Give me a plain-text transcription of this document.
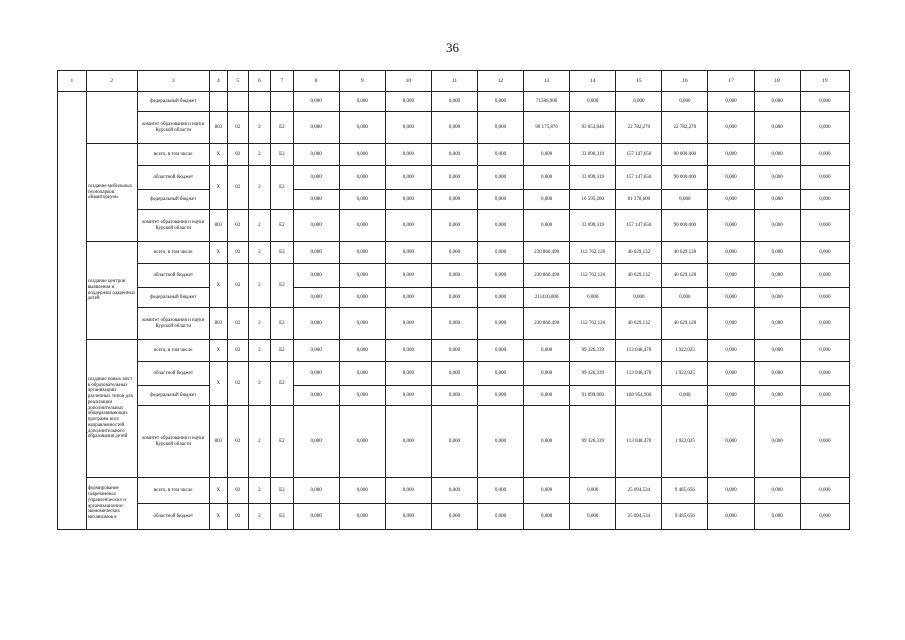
36
1	2	3	4	5	6	7	8	9	10	11	12	13	14	15	16	17	18	19
		федеральный бюджет					0,000	0,000	0,000	0,000	0,000	71586,900	0,000	0,000	0,000	0,000	0,000	0,000
		комитет образования и науки Курской области	803	02	2	E2	0,000	0,000	0,000	0,000	0,000	90 175,876	93 053,846	22 782,270	22 782,270	0,000	0,000	0,000
	создание мобильных технопарков «Кванториум»	всего, в том числе	Х	02	2	E2	0,000	0,000	0,000	0,000	0,000	0,000	33 090,319	157 147,656	90 000,000	0,000	0,000	0,000
		областной бюджет	Х	02	2	E2	0,000	0,000	0,000	0,000	0,000	0,000	33 090,319	157 147,656	90 000,000	0,000	0,000	0,000
		федеральный бюджет					0,000	0,000	0,000	0,000	0,000	0,000	16 595,200	81 378,600	0,000	0,000	0,000	0,000
		комитет образования и науки Курской области	803	02	2	E2	0,000	0,000	0,000	0,000	0,000	0,000	33 090,319	157 147,656	90 000,000	0,000	0,000	0,000
	создание центров выявления и поддержки одаренных детей	всего, в том числе	Х	02	2	E2	0,000	0,000	0,000	0,000	0,000	230 860,490	112 762,126	40 629,132	40 629,128	0,000	0,000	0,000
		областной бюджет	Х	02	2	E2	0,000	0,000	0,000	0,000	0,000	230 860,490	112 762,126	40 629,132	40 629,128	0,000	0,000	0,000
		федеральный бюджет					0,000	0,000	0,000	0,000	0,000	211410,000	0,000	0,000	0,000	0,000	0,000	0,000
		комитет образования и науки Курской области	803	02	2	E2	0,000	0,000	0,000	0,000	0,000	230 860,490	112 762,126	40 629,132	40 629,128	0,000	0,000	0,000
	создание новых мест в образовательных организациях различных типов для реализации дополнительных общеразвивающих программ всех направленностей дополнительного образования детей	всего, в том числе	Х	02	2	E2	0,000	0,000	0,000	0,000	0,000	0,000	99 326,339	113 048,470	1 922,025	0,000	0,000	0,000
		областной бюджет	Х	02	2	E2	0,000	0,000	0,000	0,000	0,000	0,000	99 326,339	113 048,470	1 922,025	0,000	0,000	0,000
		федеральный бюджет					0,000	0,000	0,000	0,000	0,000	0,000	91 099,900	108 954,900	0,000	0,000	0,000	0,000
		комитет образования и науки Курской области	803	02	2	E2	0,000	0,000	0,000	0,000	0,000	0,000	99 326,339	113 048,470	1 922,025	0,000	0,000	0,000
	формирование современных управленческих и организационно-экономических механизмов в	всего, в том числе	Х	02	2	E2	0,000	0,000	0,000	0,000	0,000	0,000	0,000	25 094,534	9 485,656	0,000	0,000	0,000
		областной бюджет	Х	02	2	E2	0,000	0,000	0,000	0,000	0,000	0,000	0,000	25 094,534	9 485,656	0,000	0,000	0,000
